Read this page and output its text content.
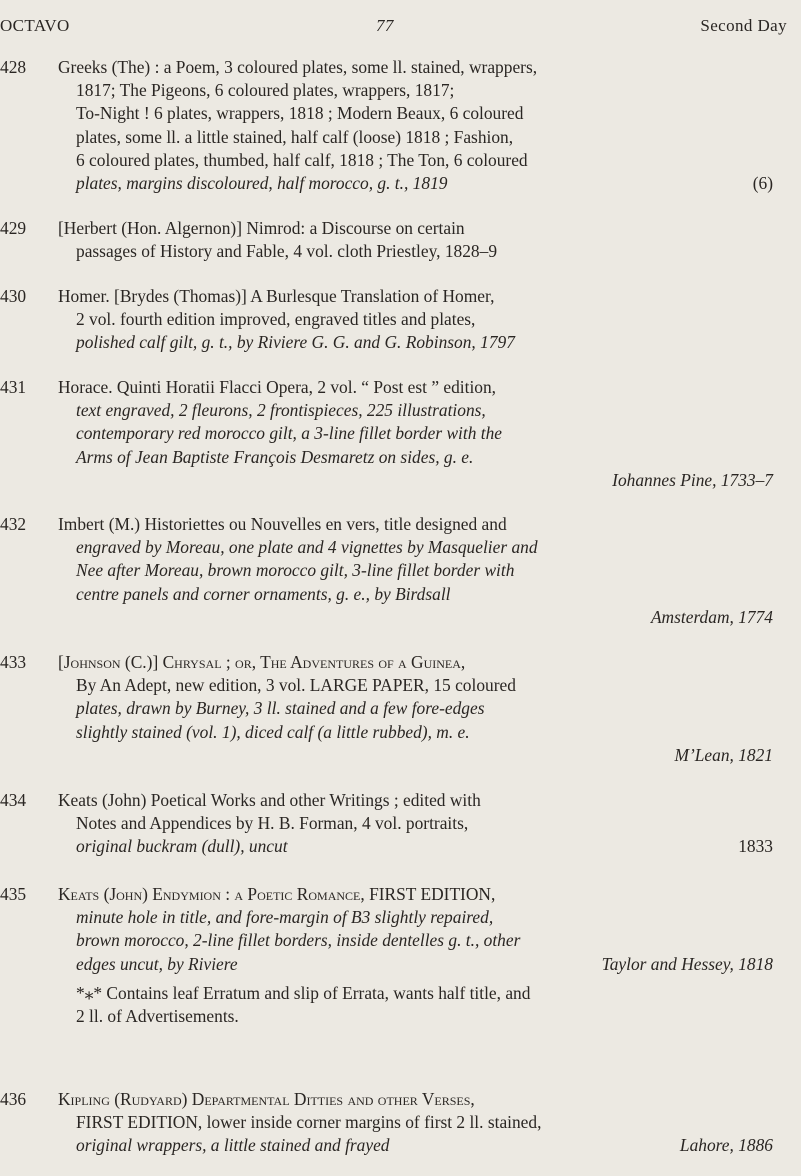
OCTAVO	77	Second Day
428	Greeks (The) : a Poem, 3 coloured plates, some ll. stained, wrappers,
1817; The Pigeons, 6 coloured plates, wrappers, 1817;
To-Night ! 6 plates, wrappers, 1818 ; Modern Beaux, 6 coloured
plates, some ll. a little stained, half calf (loose) 1818 ; Fashion,
6 coloured plates, thumbed, half calf, 1818 ; The Ton, 6 coloured
plates, margins discoloured, half morocco, g. t., 1819	(6)
429	[Herbert (Hon. Algernon)] Nimrod: a Discourse on certain
passages of History and Fable, 4 vol. cloth Priestley, 1828–9
430	Homer. [Brydes (Thomas)] A Burlesque Translation of Homer,
2 vol. fourth edition improved, engraved titles and plates,
polished calf gilt, g. t., by Riviere G. G. and G. Robinson, 1797
431	Horace. Quinti Horatii Flacci Opera, 2 vol. “ Post est ” edition,
text engraved, 2 fleurons, 2 frontispieces, 225 illustrations,
contemporary red morocco gilt, a 3-line fillet border with the
Arms of Jean Baptiste François Desmaretz on sides, g. e.
Iohannes Pine, 1733–7
432	Imbert (M.) Historiettes ou Nouvelles en vers, title designed and
engraved by Moreau, one plate and 4 vignettes by Masquelier and
Nee after Moreau, brown morocco gilt, 3-line fillet border with
centre panels and corner ornaments, g. e., by Birdsall
Amsterdam, 1774
433	[Johnson (C.)] Chrysal ; or, The Adventures of a Guinea,
By An Adept, new edition, 3 vol. LARGE PAPER, 15 coloured
plates, drawn by Burney, 3 ll. stained and a few fore-edges
slightly stained (vol. 1), diced calf (a little rubbed), m. e.
M’Lean, 1821
434	Keats (John) Poetical Works and other Writings ; edited with
Notes and Appendices by H. B. Forman, 4 vol. portraits,
original buckram (dull), uncut	1833
435	Keats (John) Endymion : a Poetic Romance, FIRST EDITION,
minute hole in title, and fore-margin of B3 slightly repaired,
brown morocco, 2-line fillet borders, inside dentelles g. t., other
edges uncut, by Riviere	Taylor and Hessey, 1818
*⁎* Contains leaf Erratum and slip of Errata, wants half title, and
2 ll. of Advertisements.
436	Kipling (Rudyard) Departmental Ditties and other Verses,
FIRST EDITION, lower inside corner margins of first 2 ll. stained,
original wrappers, a little stained and frayed	Lahore, 1886
